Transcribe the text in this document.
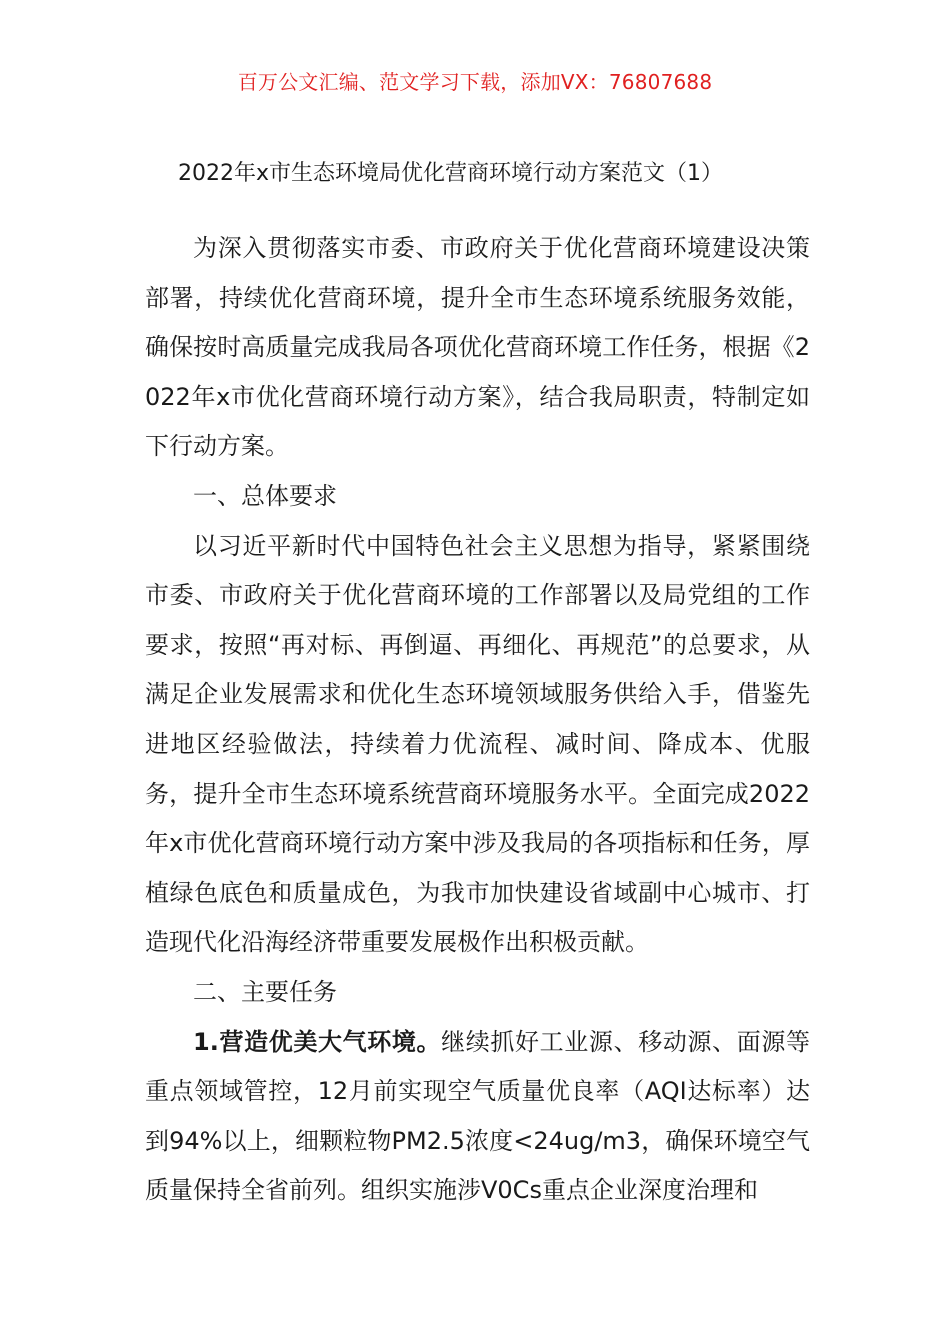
百万公文汇编、范文学习下载，添加VX：76807688
2022年x市生态环境局优化营商环境行动方案范文（1）

为深入贯彻落实市委、市政府关于优化营商环境建设决策部署，持续优化营商环境，提升全市生态环境系统服务效能，确保按时高质量完成我局各项优化营商环境工作任务，根据《2022年x市优化营商环境行动方案》，结合我局职责，特制定如下行动方案。

一、总体要求

以习近平新时代中国特色社会主义思想为指导，紧紧围绕市委、市政府关于优化营商环境的工作部署以及局党组的工作要求，按照“再对标、再倒逼、再细化、再规范”的总要求，从满足企业发展需求和优化生态环境领域服务供给入手，借鉴先进地区经验做法，持续着力优流程、减时间、降成本、优服务，提升全市生态环境系统营商环境服务水平。全面完成2022年x市优化营商环境行动方案中涉及我局的各项指标和任务，厚植绿色底色和质量成色，为我市加快建设省域副中心城市、打造现代化沿海经济带重要发展极作出积极贡献。

二、主要任务

1.营造优美大气环境。继续抓好工业源、移动源、面源等重点领域管控，12月前实现空气质量优良率（AQI达标率）达到94%以上，细颗粒物PM2.5浓度<24ug/m3，确保环境空气质量保持全省前列。组织实施涉V0Cs重点企业深度治理和
